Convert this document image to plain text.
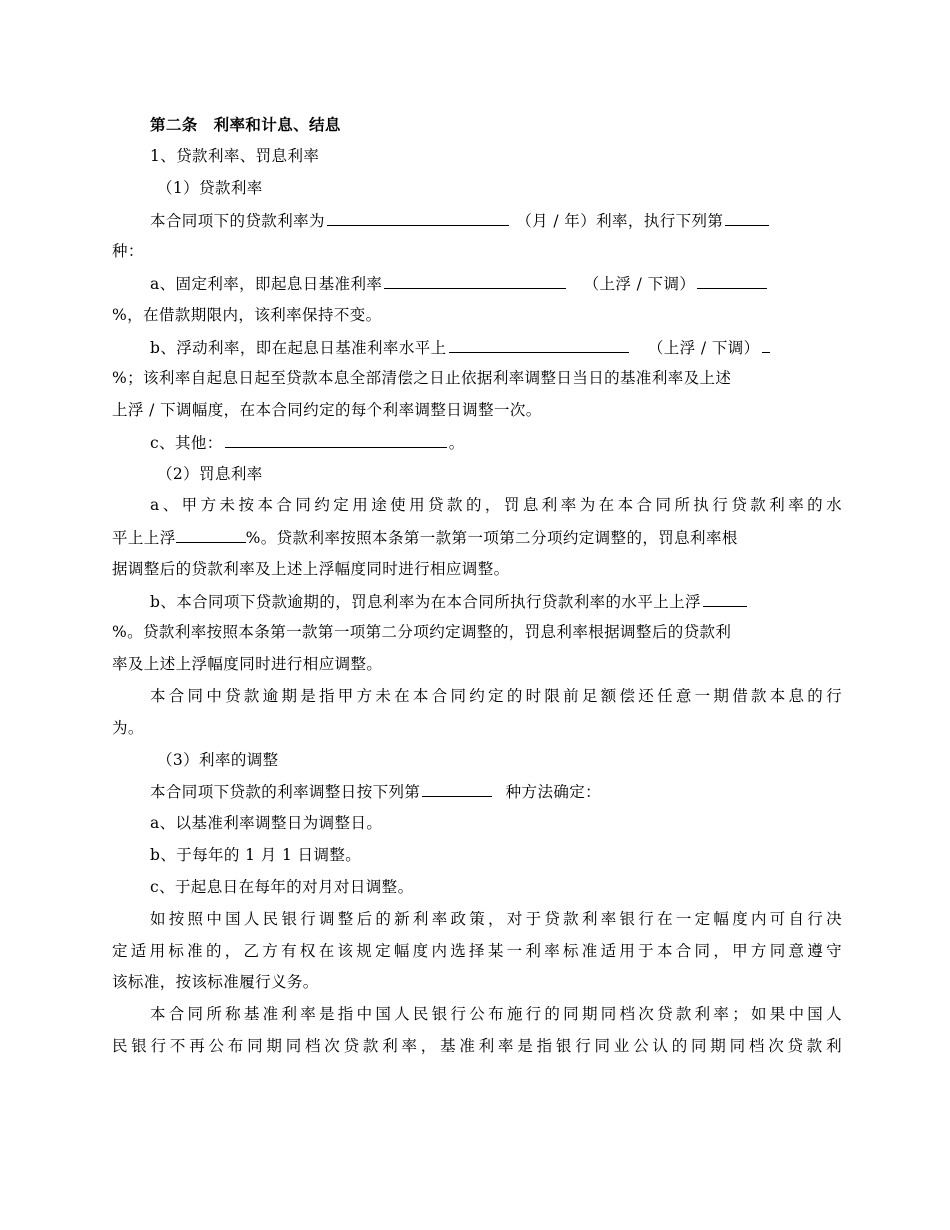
第二条　利率和计息、结息
1、贷款利率、罚息利率
（1）贷款利率
本合同项下的贷款利率为	（月 / 年）利率，执行下列第
种：
a、固定利率，即起息日基准利率	（上浮 / 下调）
%，在借款期限内，该利率保持不变。
b、浮动利率，即在起息日基准利率水平上	（上浮 / 下调）
%；该利率自起息日起至贷款本息全部清偿之日止依据利率调整日当日的基准利率及上述
上浮 / 下调幅度，在本合同约定的每个利率调整日调整一次。
c、其他：	。
（2）罚息利率
a、甲方未按本合同约定用途使用贷款的，罚息利率为在本合同所执行贷款利率的水
平上上浮	%。贷款利率按照本条第一款第一项第二分项约定调整的，罚息利率根
据调整后的贷款利率及上述上浮幅度同时进行相应调整。
b、本合同项下贷款逾期的，罚息利率为在本合同所执行贷款利率的水平上上浮
%。贷款利率按照本条第一款第一项第二分项约定调整的，罚息利率根据调整后的贷款利
率及上述上浮幅度同时进行相应调整。
本合同中贷款逾期是指甲方未在本合同约定的时限前足额偿还任意一期借款本息的行
为。
（3）利率的调整
本合同项下贷款的利率调整日按下列第	种方法确定：
a、以基准利率调整日为调整日。
b、于每年的 1 月 1 日调整。
c、于起息日在每年的对月对日调整。
如按照中国人民银行调整后的新利率政策，对于贷款利率银行在一定幅度内可自行决
定适用标准的，乙方有权在该规定幅度内选择某一利率标准适用于本合同，甲方同意遵守
该标准，按该标准履行义务。
本合同所称基准利率是指中国人民银行公布施行的同期同档次贷款利率；如果中国人
民银行不再公布同期同档次贷款利率，基准利率是指银行同业公认的同期同档次贷款利
